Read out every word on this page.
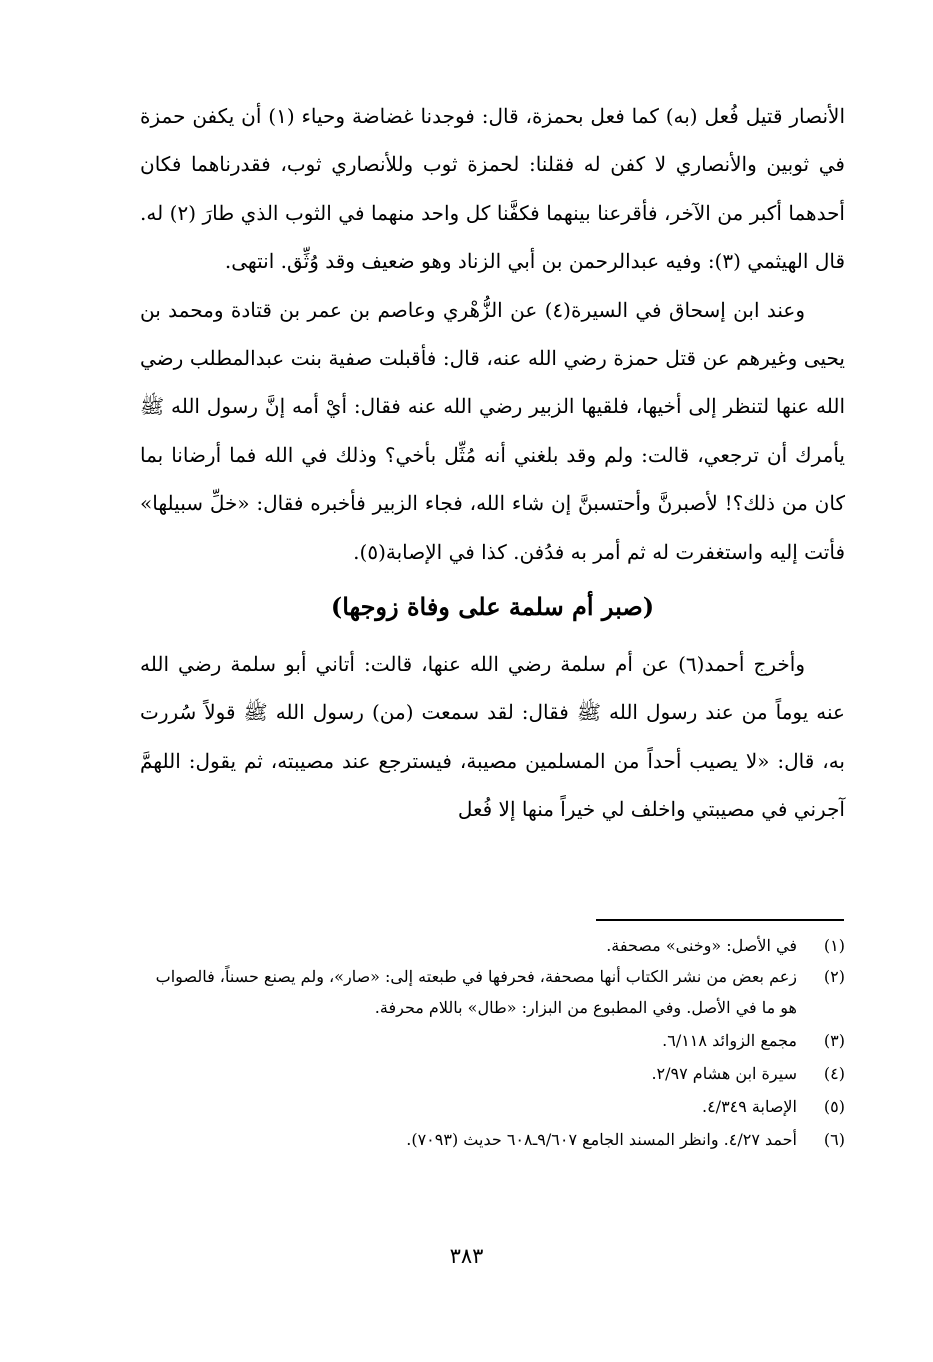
الأنصار قتيل فُعل (به) كما فعل بحمزة، قال: فوجدنا غضاضة وحياء (١) أن يكفن حمزة في ثوبين والأنصاري لا كفن له فقلنا: لحمزة ثوب وللأنصاري ثوب، فقدرناهما فكان أحدهما أكبر من الآخر، فأقرعنا بينهما فكفَّنا كل واحد منهما في الثوب الذي طارَ (٢) له. قال الهيثمي (٣): وفيه عبدالرحمن بن أبي الزناد وهو ضعيف وقد وُثِّق. انتهى.

وعند ابن إسحاق في السيرة(٤) عن الزُّهْري وعاصم بن عمر بن قتادة ومحمد بن يحيى وغيرهم عن قتل حمزة رضي الله عنه، قال: فأقبلت صفية بنت عبدالمطلب رضي الله عنها لتنظر إلى أخيها، فلقيها الزبير رضي الله عنه فقال: أيْ أمه إنَّ رسول الله ﷺ يأمرك أن ترجعي، قالت: ولم وقد بلغني أنه مُثِّل بأخي؟ وذلك في الله فما أرضانا بما كان من ذلك؟! لأصبرنَّ وأحتسبنَّ إن شاء الله، فجاء الزبير فأخبره فقال: «خلِّ سبيلها» فأتت إليه واستغفرت له ثم أمر به فدُفن. كذا في الإصابة(٥).

(صبر أم سلمة على وفاة زوجها)

وأخرج أحمد(٦) عن أم سلمة رضي الله عنها، قالت: أتاني أبو سلمة رضي الله عنه يوماً من عند رسول الله ﷺ فقال: لقد سمعت (من) رسول الله ﷺ قولاً سُررت به، قال: «لا يصيب أحداً من المسلمين مصيبة، فيسترجع عند مصيبته، ثم يقول: اللهمَّ آجرني في مصيبتي واخلف لي خيراً منها إلا فُعل

(١)
في الأصل: «وخنى» مصحفة.
(٢)
زعم بعض من نشر الكتاب أنها مصحفة، فحرفها في طبعته إلى: «صار»، ولم يصنع حسناً، فالصواب هو ما في الأصل. وفي المطبوع من البزار: «طال» باللام محرفة.
(٣)
مجمع الزوائد ٦/١١٨.
(٤)
سيرة ابن هشام ٢/٩٧.
(٥)
الإصابة ٤/٣٤٩.
(٦)
أحمد ٤/٢٧. وانظر المسند الجامع ٩/٦٠٧ـ٦٠٨ حديث (٧٠٩٣).
٣٨٣
